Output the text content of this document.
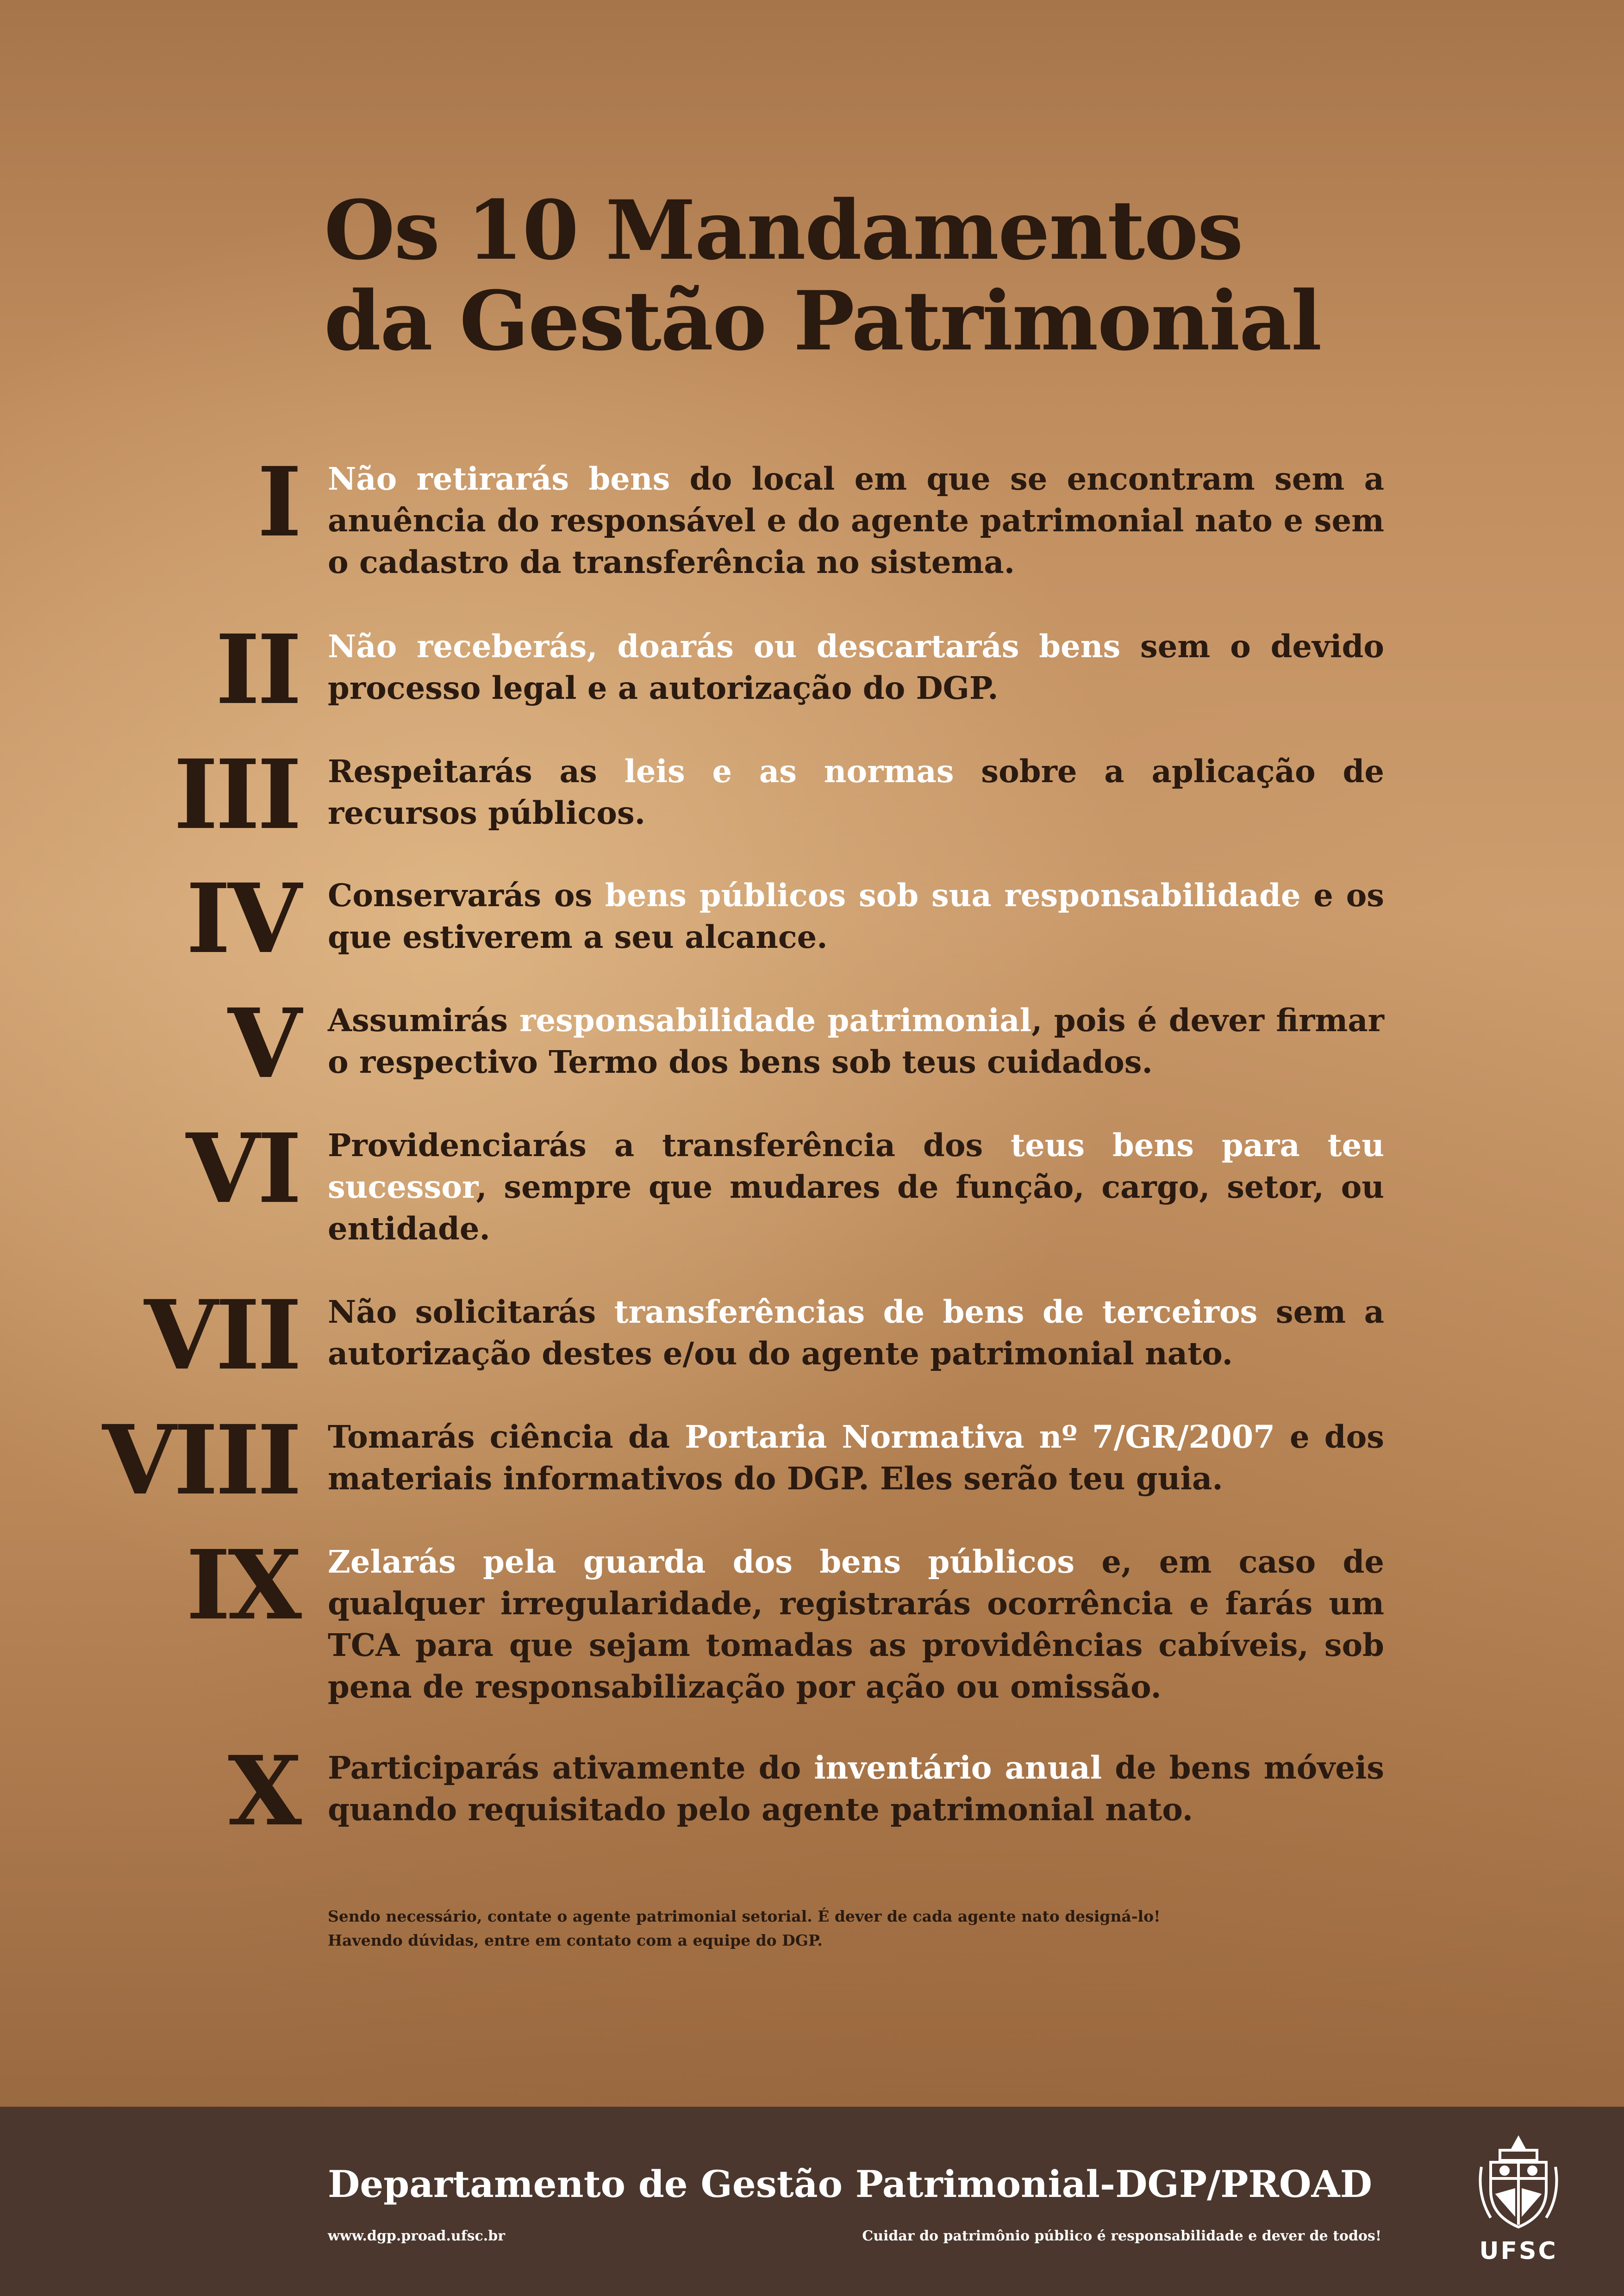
Os 10 Mandamentos
da Gestão Patrimonial
I Não retirarás bens do local em que se encontram sem a anuência do responsável e do agente patrimonial nato e sem o cadastro da transferência no sistema.

II Não receberás, doarás ou descartarás bens sem o devido processo legal e a autorização do DGP.

III Respeitarás as leis e as normas sobre a aplicação de recursos públicos.

IV Conservarás os bens públicos sob sua responsabilidade e os que estiverem a seu alcance.

V Assumirás responsabilidade patrimonial, pois é dever firmar o respectivo Termo dos bens sob teus cuidados.

VI Providenciarás a transferência dos teus bens para teu sucessor, sempre que mudares de função, cargo, setor, ou entidade.

VII Não solicitarás transferências de bens de terceiros sem a autorização destes e/ou do agente patrimonial nato.

VIII Tomarás ciência da Portaria Normativa nº 7/GR/2007 e dos materiais informativos do DGP. Eles serão teu guia.

IX Zelarás pela guarda dos bens públicos e, em caso de qualquer irregularidade, registrarás ocorrência e farás um TCA para que sejam tomadas as providências cabíveis, sob pena de responsabilização por ação ou omissão.

X Participarás ativamente do inventário anual de bens móveis quando requisitado pelo agente patrimonial nato.

Sendo necessário, contate o agente patrimonial setorial. É dever de cada agente nato designá-lo!
Havendo dúvidas, entre em contato com a equipe do DGP.

Departamento de Gestão Patrimonial-DGP/PROAD
www.dgp.proad.ufsc.br	Cuidar do patrimônio público é responsabilidade e dever de todos!
UFSC
